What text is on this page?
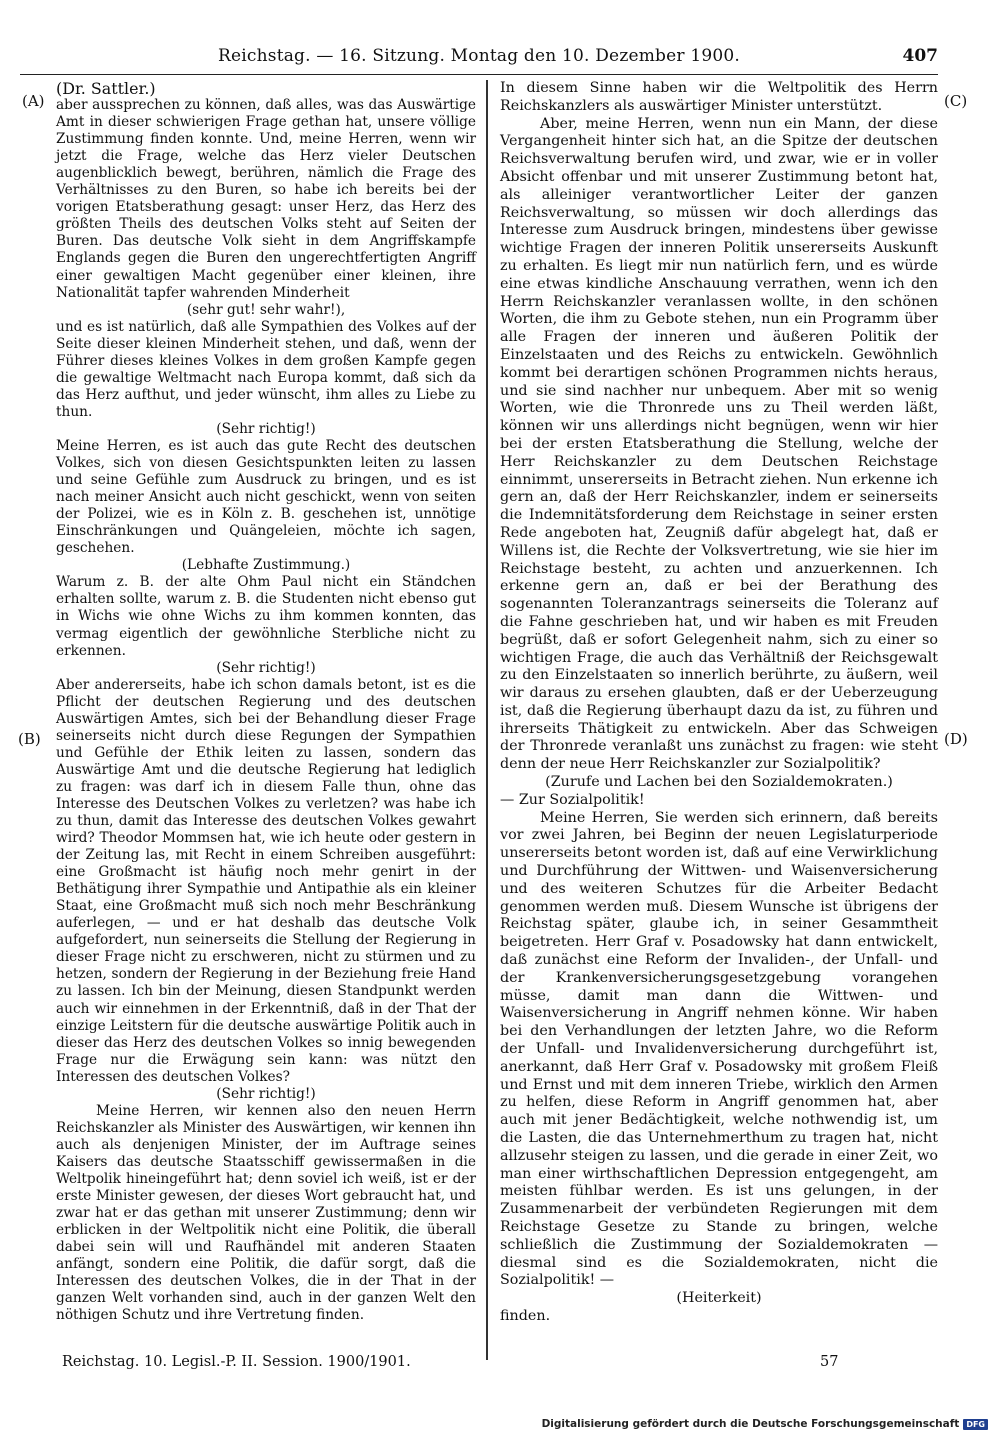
Reichstag. — 16. Sitzung. Montag den 10. Dezember 1900.	407
(A)
(B)
(C)
(D)

(Dr. Sattler.)

aber aussprechen zu können, daß alles, was das Auswärtige Amt in dieser schwierigen Frage gethan hat, unsere völlige Zustimmung finden konnte. Und, meine Herren, wenn wir jetzt die Frage, welche das Herz vieler Deutschen augenblicklich bewegt, berühren, nämlich die Frage des Verhältnisses zu den Buren, so habe ich bereits bei der vorigen Etatsberathung gesagt: unser Herz, das Herz des größten Theils des deutschen Volks steht auf Seiten der Buren. Das deutsche Volk sieht in dem Angriffskampfe Englands gegen die Buren den ungerechtfertigten Angriff einer gewaltigen Macht gegenüber einer kleinen, ihre Nationalität tapfer wahrenden Minderheit

(sehr gut! sehr wahr!),

und es ist natürlich, daß alle Sympathien des Volkes auf der Seite dieser kleinen Minderheit stehen, und daß, wenn der Führer dieses kleines Volkes in dem großen Kampfe gegen die gewaltige Weltmacht nach Europa kommt, daß sich da das Herz aufthut, und jeder wünscht, ihm alles zu Liebe zu thun.

(Sehr richtig!)

Meine Herren, es ist auch das gute Recht des deutschen Volkes, sich von diesen Gesichtspunkten leiten zu lassen und seine Gefühle zum Ausdruck zu bringen, und es ist nach meiner Ansicht auch nicht geschickt, wenn von seiten der Polizei, wie es in Köln z. B. geschehen ist, unnötige Einschränkungen und Quängeleien, möchte ich sagen, geschehen.

(Lebhafte Zustimmung.)

Warum z. B. der alte Ohm Paul nicht ein Ständchen erhalten sollte, warum z. B. die Studenten nicht ebenso gut in Wichs wie ohne Wichs zu ihm kommen konnten, das vermag eigentlich der gewöhnliche Sterbliche nicht zu erkennen.

(Sehr richtig!)

Aber andererseits, habe ich schon damals betont, ist es die Pflicht der deutschen Regierung und des deutschen Auswärtigen Amtes, sich bei der Behandlung dieser Frage seinerseits nicht durch diese Regungen der Sympathien und Gefühle der Ethik leiten zu lassen, sondern das Auswärtige Amt und die deutsche Regierung hat lediglich zu fragen: was darf ich in diesem Falle thun, ohne das Interesse des Deutschen Volkes zu verletzen? was habe ich zu thun, damit das Interesse des deutschen Volkes gewahrt wird? Theodor Mommsen hat, wie ich heute oder gestern in der Zeitung las, mit Recht in einem Schreiben ausgeführt: eine Großmacht ist häufig noch mehr genirt in der Bethätigung ihrer Sympathie und Antipathie als ein kleiner Staat, eine Großmacht muß sich noch mehr Beschränkung auferlegen, — und er hat deshalb das deutsche Volk aufgefordert, nun seinerseits die Stellung der Regierung in dieser Frage nicht zu erschweren, nicht zu stürmen und zu hetzen, sondern der Regierung in der Beziehung freie Hand zu lassen. Ich bin der Meinung, diesen Standpunkt werden auch wir einnehmen in der Erkenntniß, daß in der That der einzige Leitstern für die deutsche auswärtige Politik auch in dieser das Herz des deutschen Volkes so innig bewegenden Frage nur die Erwägung sein kann: was nützt den Interessen des deutschen Volkes?

(Sehr richtig!)

Meine Herren, wir kennen also den neuen Herrn Reichskanzler als Minister des Auswärtigen, wir kennen ihn auch als denjenigen Minister, der im Auftrage seines Kaisers das deutsche Staatsschiff gewissermaßen in die Weltpolik hineingeführt hat; denn soviel ich weiß, ist er der erste Minister gewesen, der dieses Wort gebraucht hat, und zwar hat er das gethan mit unserer Zustimmung; denn wir erblicken in der Weltpolitik nicht eine Politik, die überall dabei sein will und Raufhändel mit anderen Staaten anfängt, sondern eine Politik, die dafür sorgt, daß die Interessen des deutschen Volkes, die in der That in der ganzen Welt vorhanden sind, auch in der ganzen Welt den nöthigen Schutz und ihre Vertretung finden.

In diesem Sinne haben wir die Weltpolitik des Herrn Reichskanzlers als auswärtiger Minister unterstützt.

Aber, meine Herren, wenn nun ein Mann, der diese Vergangenheit hinter sich hat, an die Spitze der deutschen Reichsverwaltung berufen wird, und zwar, wie er in voller Absicht offenbar und mit unserer Zustimmung betont hat, als alleiniger verantwortlicher Leiter der ganzen Reichsverwaltung, so müssen wir doch allerdings das Interesse zum Ausdruck bringen, mindestens über gewisse wichtige Fragen der inneren Politik unsererseits Auskunft zu erhalten. Es liegt mir nun natürlich fern, und es würde eine etwas kindliche Anschauung verrathen, wenn ich den Herrn Reichskanzler veranlassen wollte, in den schönen Worten, die ihm zu Gebote stehen, nun ein Programm über alle Fragen der inneren und äußeren Politik der Einzelstaaten und des Reichs zu entwickeln. Gewöhnlich kommt bei derartigen schönen Programmen nichts heraus, und sie sind nachher nur unbequem. Aber mit so wenig Worten, wie die Thronrede uns zu Theil werden läßt, können wir uns allerdings nicht begnügen, wenn wir hier bei der ersten Etatsberathung die Stellung, welche der Herr Reichskanzler zu dem Deutschen Reichstage einnimmt, unsererseits in Betracht ziehen. Nun erkenne ich gern an, daß der Herr Reichskanzler, indem er seinerseits die Indemnitätsforderung dem Reichstage in seiner ersten Rede angeboten hat, Zeugniß dafür abgelegt hat, daß er Willens ist, die Rechte der Volksvertretung, wie sie hier im Reichstage besteht, zu achten und anzuerkennen. Ich erkenne gern an, daß er bei der Berathung des sogenannten Toleranzantrags seinerseits die Toleranz auf die Fahne geschrieben hat, und wir haben es mit Freuden begrüßt, daß er sofort Gelegenheit nahm, sich zu einer so wichtigen Frage, die auch das Verhältniß der Reichsgewalt zu den Einzelstaaten so innerlich berührte, zu äußern, weil wir daraus zu ersehen glaubten, daß er der Ueberzeugung ist, daß die Regierung überhaupt dazu da ist, zu führen und ihrerseits Thätigkeit zu entwickeln. Aber das Schweigen der Thronrede veranlaßt uns zunächst zu fragen: wie steht denn der neue Herr Reichskanzler zur Sozialpolitik?

(Zurufe und Lachen bei den Sozialdemokraten.)

— Zur Sozialpolitik!

Meine Herren, Sie werden sich erinnern, daß bereits vor zwei Jahren, bei Beginn der neuen Legislaturperiode unsererseits betont worden ist, daß auf eine Verwirklichung und Durchführung der Wittwen- und Waisenversicherung und des weiteren Schutzes für die Arbeiter Bedacht genommen werden muß. Diesem Wunsche ist übrigens der Reichstag später, glaube ich, in seiner Gesammtheit beigetreten. Herr Graf v. Posadowsky hat dann entwickelt, daß zunächst eine Reform der Invaliden-, der Unfall- und der Krankenversicherungsgesetzgebung vorangehen müsse, damit man dann die Wittwen- und Waisenversicherung in Angriff nehmen könne. Wir haben bei den Verhandlungen der letzten Jahre, wo die Reform der Unfall- und Invalidenversicherung durchgeführt ist, anerkannt, daß Herr Graf v. Posadowsky mit großem Fleiß und Ernst und mit dem inneren Triebe, wirklich den Armen zu helfen, diese Reform in Angriff genommen hat, aber auch mit jener Bedächtigkeit, welche nothwendig ist, um die Lasten, die das Unternehmerthum zu tragen hat, nicht allzusehr steigen zu lassen, und die gerade in einer Zeit, wo man einer wirthschaftlichen Depression entgegengeht, am meisten fühlbar werden. Es ist uns gelungen, in der Zusammenarbeit der verbündeten Regierungen mit dem Reichstage Gesetze zu Stande zu bringen, welche schließlich die Zustimmung der Sozialdemokraten — diesmal sind es die Sozialdemokraten, nicht die Sozialpolitik! —

(Heiterkeit)

finden.

Reichstag. 10. Legisl.-P. II. Session. 1900/1901.	57
Digitalisierung gefördert durch die Deutsche Forschungsgemeinschaft DFG
